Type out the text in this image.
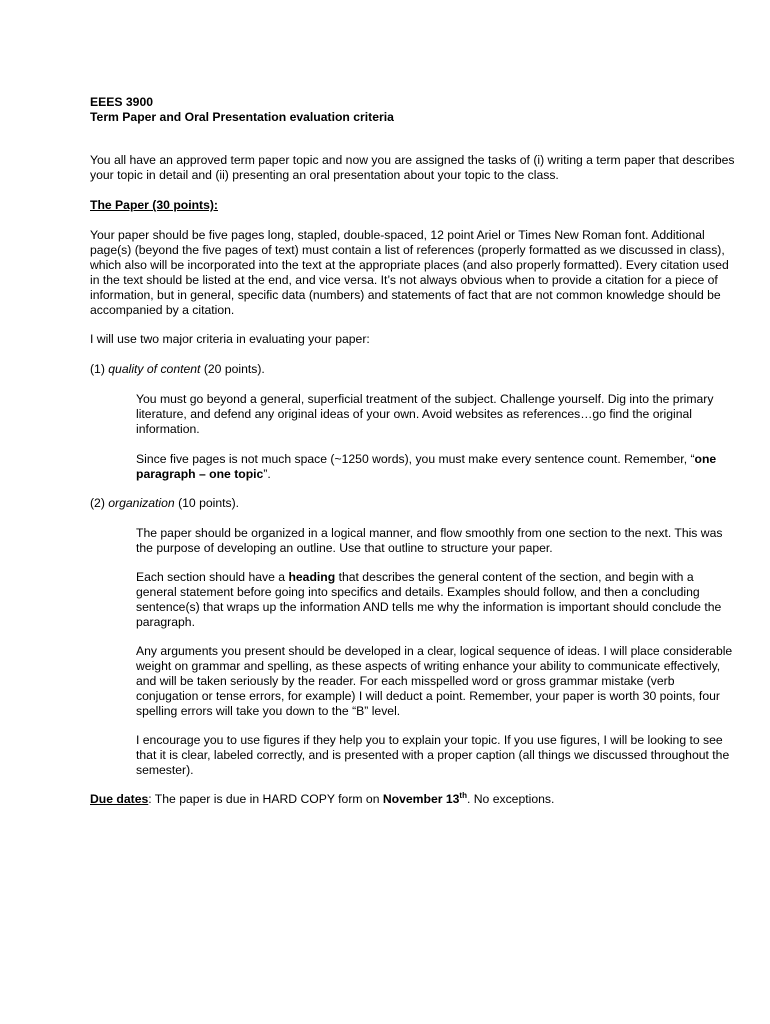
EEES 3900
Term Paper and Oral Presentation evaluation criteria

You all have an approved term paper topic and now you are assigned the tasks of (i) writing a term paper that describes your topic in detail and (ii) presenting an oral presentation about your topic to the class.

The Paper (30 points):

Your paper should be five pages long, stapled, double-spaced, 12 point Ariel or Times New Roman font. Additional page(s) (beyond the five pages of text) must contain a list of references (properly formatted as we discussed in class), which also will be incorporated into the text at the appropriate places (and also properly formatted). Every citation used in the text should be listed at the end, and vice versa. It’s not always obvious when to provide a citation for a piece of information, but in general, specific data (numbers) and statements of fact that are not common knowledge should be accompanied by a citation.

I will use two major criteria in evaluating your paper:

(1) quality of content (20 points).

You must go beyond a general, superficial treatment of the subject. Challenge yourself. Dig into the primary literature, and defend any original ideas of your own. Avoid websites as references…go find the original information.

Since five pages is not much space (~1250 words), you must make every sentence count. Remember, “one paragraph – one topic”.

(2) organization (10 points).

The paper should be organized in a logical manner, and flow smoothly from one section to the next. This was the purpose of developing an outline. Use that outline to structure your paper.

Each section should have a heading that describes the general content of the section, and begin with a general statement before going into specifics and details. Examples should follow, and then a concluding sentence(s) that wraps up the information AND tells me why the information is important should conclude the paragraph.

Any arguments you present should be developed in a clear, logical sequence of ideas. I will place considerable weight on grammar and spelling, as these aspects of writing enhance your ability to communicate effectively, and will be taken seriously by the reader. For each misspelled word or gross grammar mistake (verb conjugation or tense errors, for example) I will deduct a point. Remember, your paper is worth 30 points, four spelling errors will take you down to the “B” level.

I encourage you to use figures if they help you to explain your topic. If you use figures, I will be looking to see that it is clear, labeled correctly, and is presented with a proper caption (all things we discussed throughout the semester).

Due dates: The paper is due in HARD COPY form on November 13th. No exceptions.
